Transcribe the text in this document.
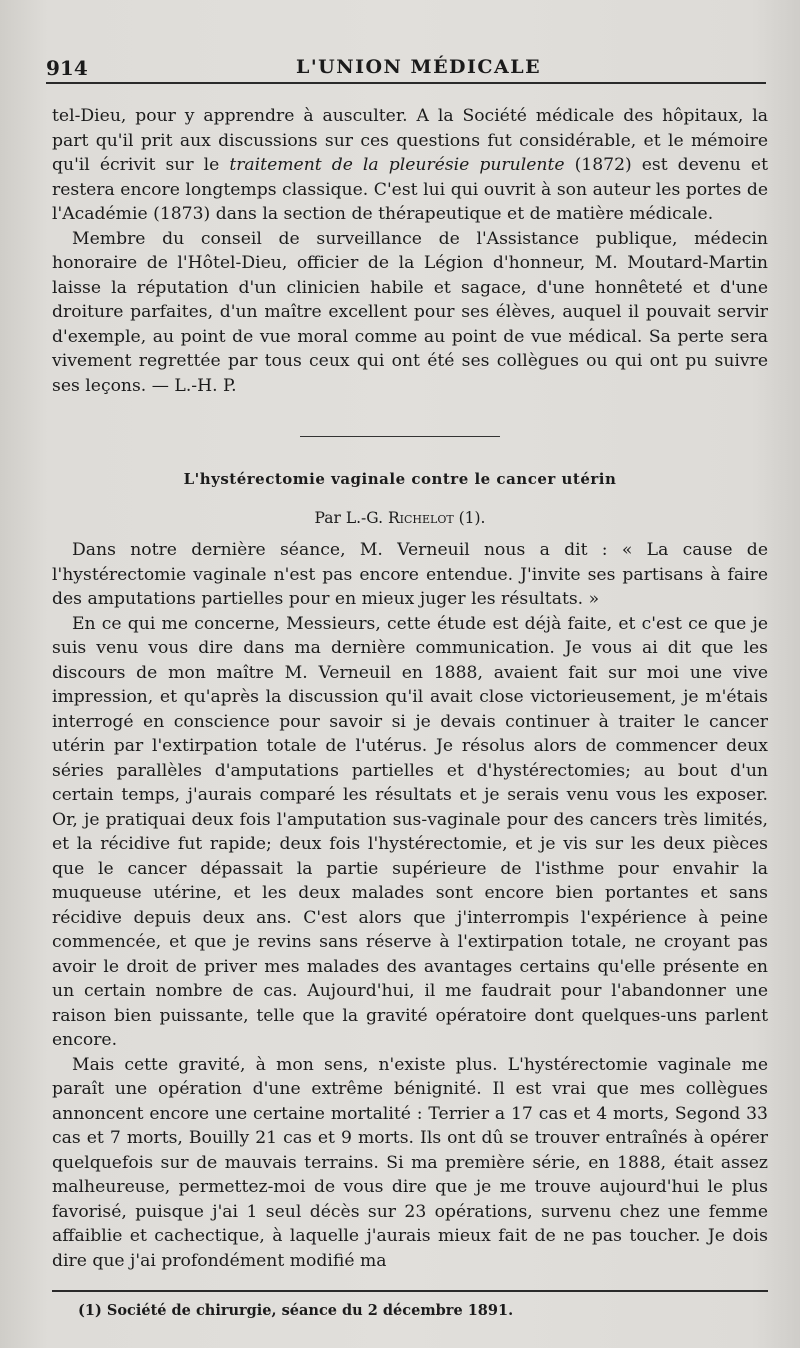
914	L'UNION MÉDICALE

tel-Dieu, pour y apprendre à ausculter. A la Société médicale des hôpitaux, la part qu'il prit aux discussions sur ces questions fut considérable, et le mémoire qu'il écrivit sur le traitement de la pleurésie purulente (1872) est devenu et restera encore longtemps classique. C'est lui qui ouvrit à son auteur les portes de l'Académie (1873) dans la section de thérapeutique et de matière médicale.

Membre du conseil de surveillance de l'Assistance publique, médecin honoraire de l'Hôtel-Dieu, officier de la Légion d'honneur, M. Moutard-Martin laisse la réputation d'un clinicien habile et sagace, d'une honnêteté et d'une droiture parfaites, d'un maître excellent pour ses élèves, auquel il pouvait servir d'exemple, au point de vue moral comme au point de vue médical. Sa perte sera vivement regrettée par tous ceux qui ont été ses collègues ou qui ont pu suivre ses leçons. — L.-H. P.

L'hystérectomie vaginale contre le cancer utérin
Par L.-G. Richelot (1).

Dans notre dernière séance, M. Verneuil nous a dit : « La cause de l'hystérectomie vaginale n'est pas encore entendue. J'invite ses partisans à faire des amputations partielles pour en mieux juger les résultats. »

En ce qui me concerne, Messieurs, cette étude est déjà faite, et c'est ce que je suis venu vous dire dans ma dernière communication. Je vous ai dit que les discours de mon maître M. Verneuil en 1888, avaient fait sur moi une vive impression, et qu'après la discussion qu'il avait close victorieusement, je m'étais interrogé en conscience pour savoir si je devais continuer à traiter le cancer utérin par l'extirpation totale de l'utérus. Je résolus alors de commencer deux séries parallèles d'amputations partielles et d'hystérectomies; au bout d'un certain temps, j'aurais comparé les résultats et je serais venu vous les exposer. Or, je pratiquai deux fois l'amputation sus-vaginale pour des cancers très limités, et la récidive fut rapide; deux fois l'hystérectomie, et je vis sur les deux pièces que le cancer dépassait la partie supérieure de l'isthme pour envahir la muqueuse utérine, et les deux malades sont encore bien portantes et sans récidive depuis deux ans. C'est alors que j'interrompis l'expérience à peine commencée, et que je revins sans réserve à l'extirpation totale, ne croyant pas avoir le droit de priver mes malades des avantages certains qu'elle présente en un certain nombre de cas. Aujourd'hui, il me faudrait pour l'abandonner une raison bien puissante, telle que la gravité opératoire dont quelques-uns parlent encore.

Mais cette gravité, à mon sens, n'existe plus. L'hystérectomie vaginale me paraît une opération d'une extrême bénignité. Il est vrai que mes collègues annoncent encore une certaine mortalité : Terrier a 17 cas et 4 morts, Segond 33 cas et 7 morts, Bouilly 21 cas et 9 morts. Ils ont dû se trouver entraînés à opérer quelquefois sur de mauvais terrains. Si ma première série, en 1888, était assez malheureuse, permettez-moi de vous dire que je me trouve aujourd'hui le plus favorisé, puisque j'ai 1 seul décès sur 23 opérations, survenu chez une femme affaiblie et cachectique, à laquelle j'aurais mieux fait de ne pas toucher. Je dois dire que j'ai profondément modifié ma

(1) Société de chirurgie, séance du 2 décembre 1891.
